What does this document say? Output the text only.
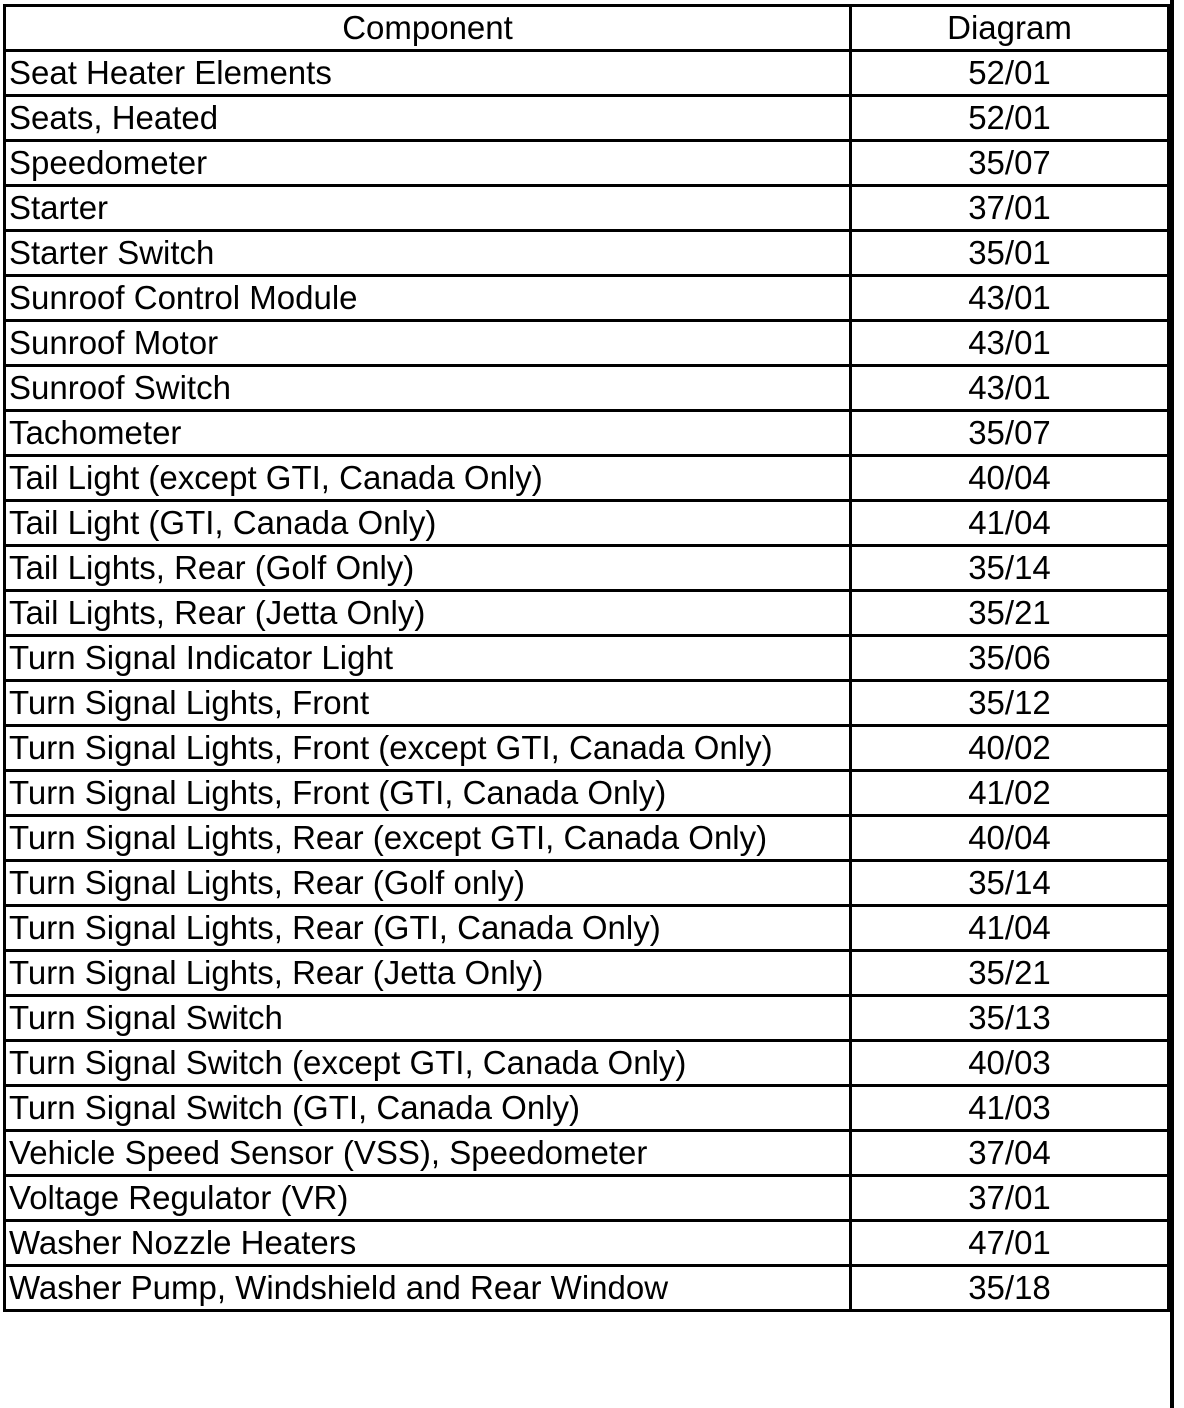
Component	Diagram
Seat Heater Elements	52/01
Seats, Heated	52/01
Speedometer	35/07
Starter	37/01
Starter Switch	35/01
Sunroof Control Module	43/01
Sunroof Motor	43/01
Sunroof Switch	43/01
Tachometer	35/07
Tail Light (except GTI, Canada Only)	40/04
Tail Light (GTI, Canada Only)	41/04
Tail Lights, Rear (Golf Only)	35/14
Tail Lights, Rear (Jetta Only)	35/21
Turn Signal Indicator Light	35/06
Turn Signal Lights, Front	35/12
Turn Signal Lights, Front (except GTI, Canada Only)	40/02
Turn Signal Lights, Front (GTI, Canada Only)	41/02
Turn Signal Lights, Rear (except GTI, Canada Only)	40/04
Turn Signal Lights, Rear (Golf only)	35/14
Turn Signal Lights, Rear (GTI, Canada Only)	41/04
Turn Signal Lights, Rear (Jetta Only)	35/21
Turn Signal Switch	35/13
Turn Signal Switch (except GTI, Canada Only)	40/03
Turn Signal Switch (GTI, Canada Only)	41/03
Vehicle Speed Sensor (VSS), Speedometer	37/04
Voltage Regulator (VR)	37/01
Washer Nozzle Heaters	47/01
Washer Pump, Windshield and Rear Window	35/18
